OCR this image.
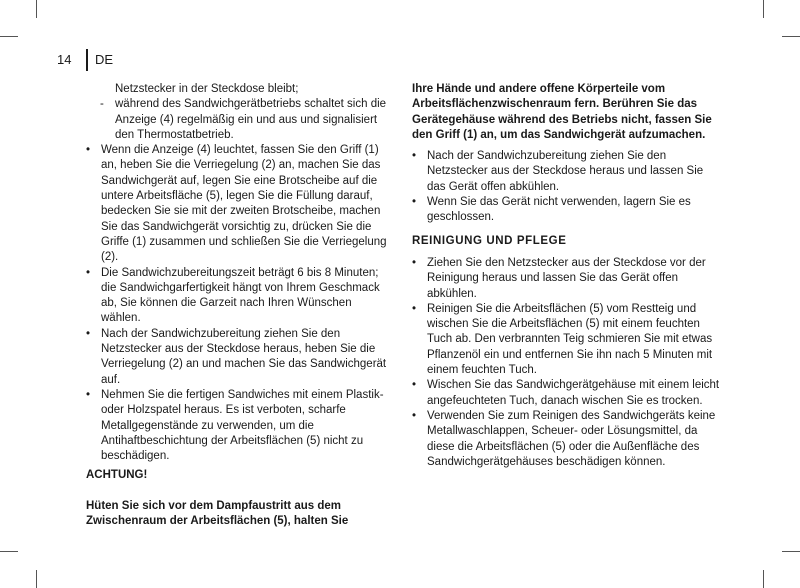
14	DE
Netzstecker in der Steckdose bleibt;
- während des Sandwichgerätbetriebs schaltet sich die Anzeige (4) regelmäßig ein und aus und signalisiert den Thermostatbetrieb.
• Wenn die Anzeige (4) leuchtet, fassen Sie den Griff (1) an, heben Sie die Verriegelung (2) an, machen Sie das Sandwichgerät auf, legen Sie eine Brotscheibe auf die untere Arbeitsfläche (5), legen Sie die Füllung darauf, bedecken Sie sie mit der zweiten Brotscheibe, machen Sie das Sandwichgerät vorsichtig zu, drücken Sie die Griffe (1) zusammen und schließen Sie die Verriegelung (2).
• Die Sandwichzubereitungszeit beträgt 6 bis 8 Minuten; die Sandwichgarfertigkeit hängt von Ihrem Geschmack ab, Sie können die Garzeit nach Ihren Wünschen wählen.
• Nach der Sandwichzubereitung ziehen Sie den Netzstecker aus der Steckdose heraus, heben Sie die Verriegelung (2) an und machen Sie das Sandwichgerät auf.
• Nehmen Sie die fertigen Sandwiches mit einem Plastik- oder Holzspatel heraus. Es ist verboten, scharfe Metallgegenstände zu verwenden, um die Antihaftbeschichtung der Arbeitsflächen (5) nicht zu beschädigen.
ACHTUNG!
Hüten Sie sich vor dem Dampfaustritt aus dem Zwischenraum der Arbeitsflächen (5), halten Sie
Ihre Hände und andere offene Körperteile vom Arbeitsflächenzwischenraum fern. Berühren Sie das Gerätegehäuse während des Betriebs nicht, fassen Sie den Griff (1) an, um das Sandwichgerät aufzumachen.
• Nach der Sandwichzubereitung ziehen Sie den Netzstecker aus der Steckdose heraus und lassen Sie das Gerät offen abkühlen.
• Wenn Sie das Gerät nicht verwenden, lagern Sie es geschlossen.
REINIGUNG UND PFLEGE
• Ziehen Sie den Netzstecker aus der Steckdose vor der Reinigung heraus und lassen Sie das Gerät offen abkühlen.
• Reinigen Sie die Arbeitsflächen (5) vom Restteig und wischen Sie die Arbeitsflächen (5) mit einem feuchten Tuch ab. Den verbrannten Teig schmieren Sie mit etwas Pflanzenöl ein und entfernen Sie ihn nach 5 Minuten mit einem feuchten Tuch.
• Wischen Sie das Sandwichgerätgehäuse mit einem leicht angefeuchteten Tuch, danach wischen Sie es trocken.
• Verwenden Sie zum Reinigen des Sandwichgeräts keine Metallwaschlappen, Scheuer- oder Lösungsmittel, da diese die Arbeitsflächen (5) oder die Außenfläche des Sandwichgerätgehäuses beschädigen können.
